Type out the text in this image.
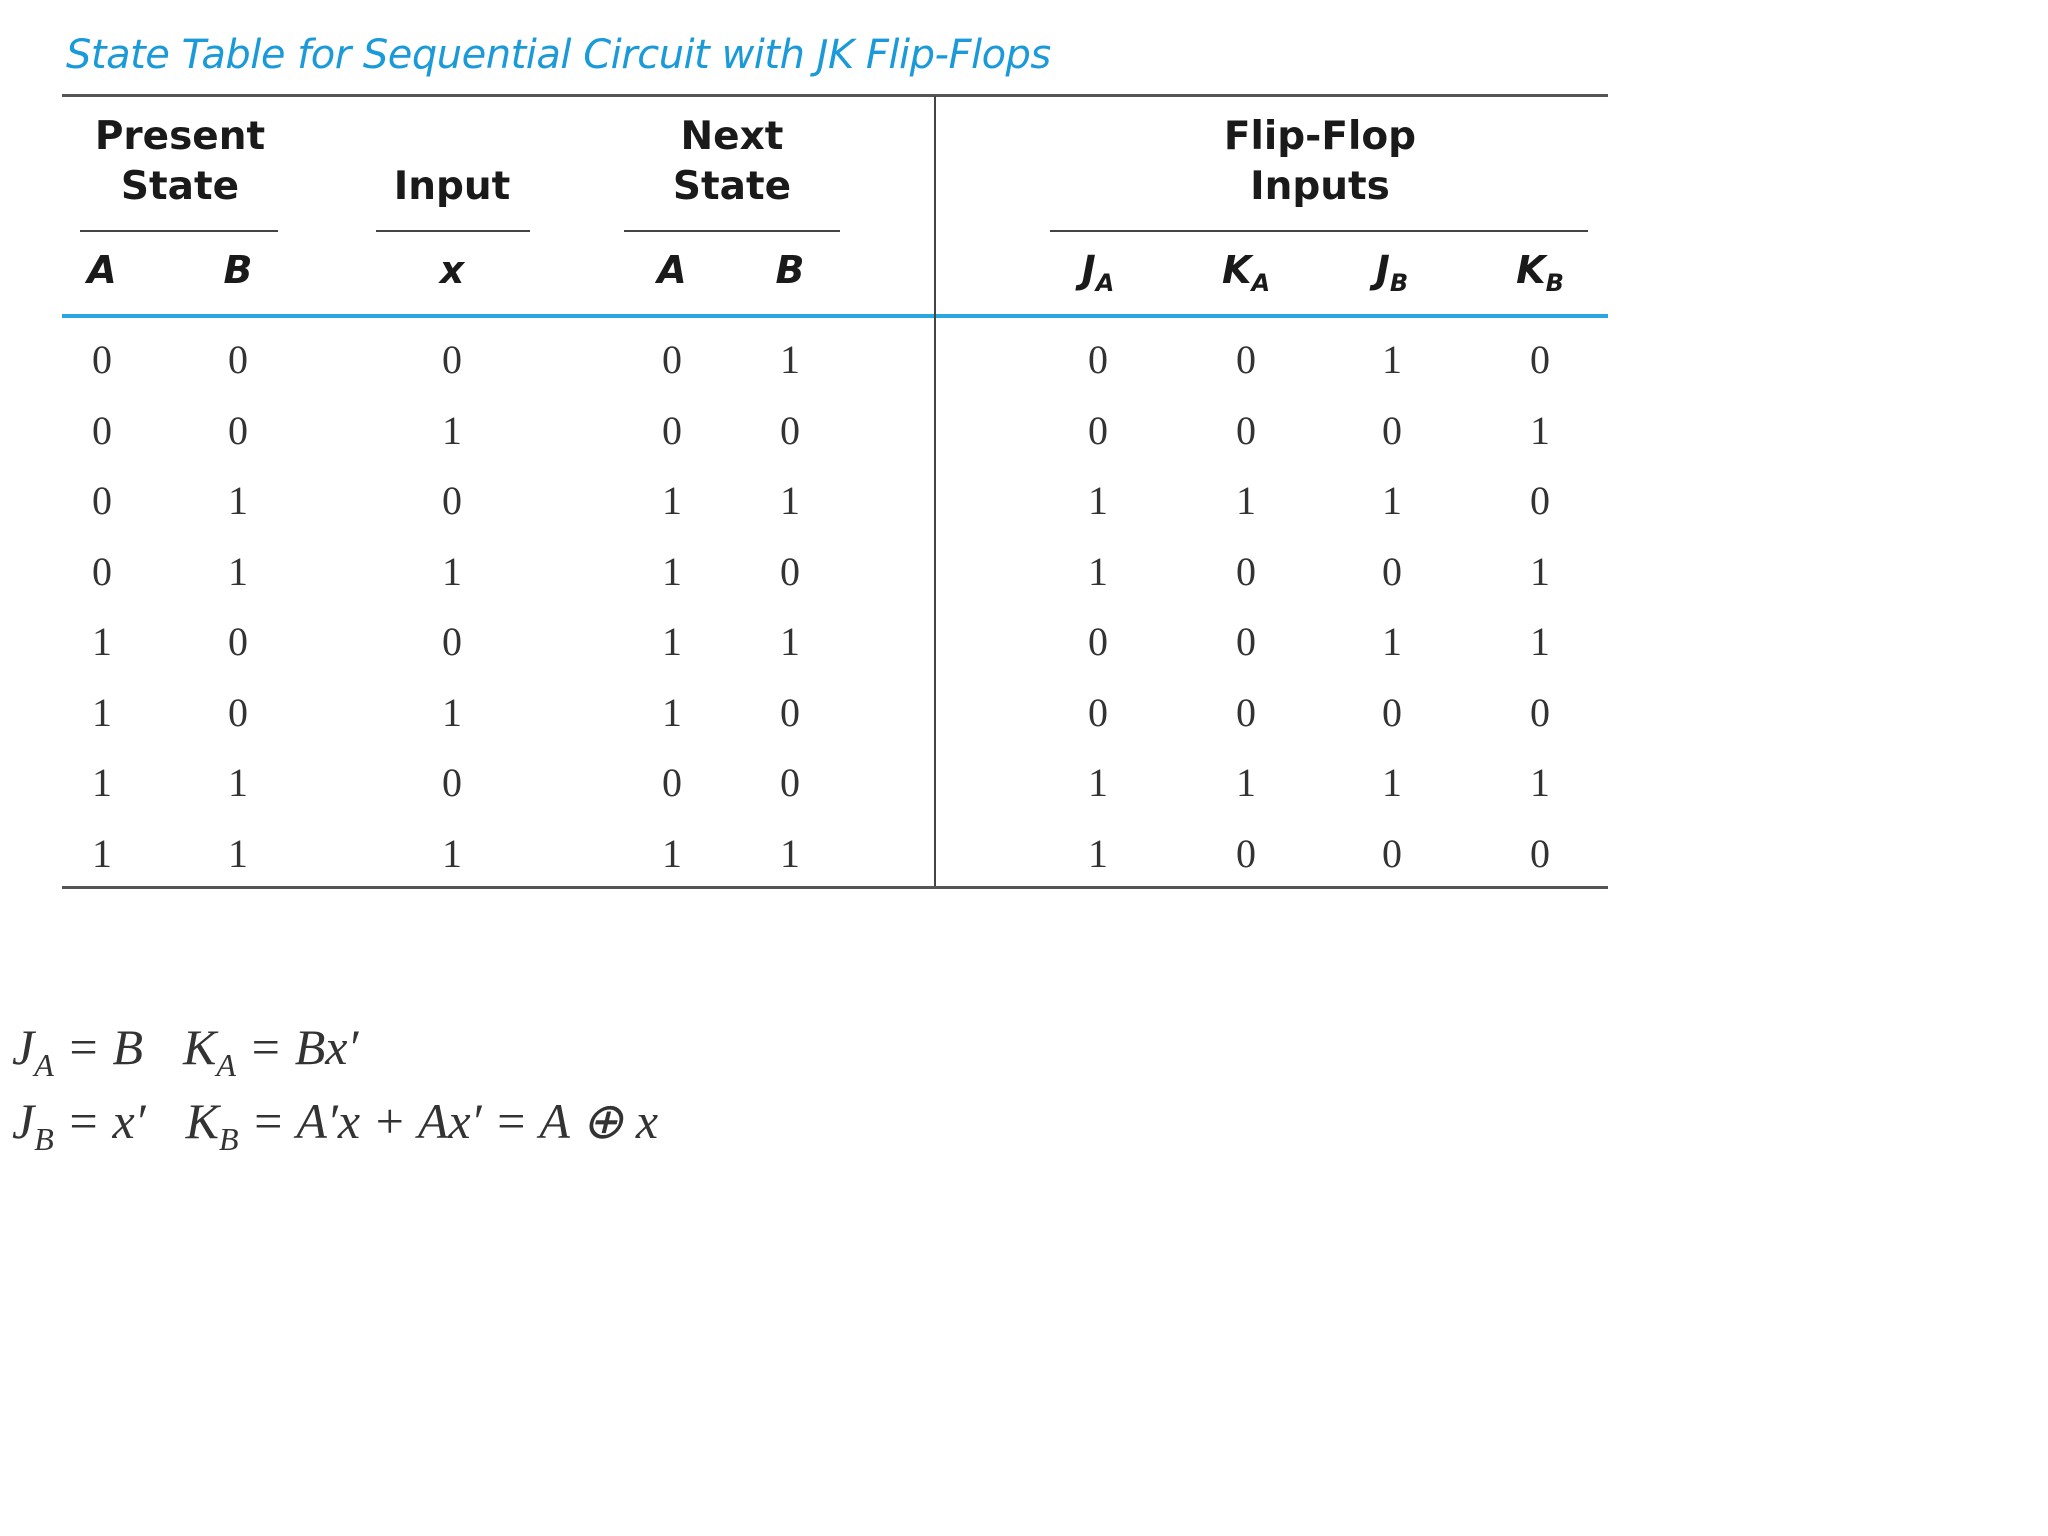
State Table for Sequential Circuit with JK Flip-Flops
Present
State	Input
Next
State
Flip-Flop
Inputs
A	B	x	A	B	$J_A$	$K_A$	$J_B$	$K_B$
0	0	0	0	1	0	0	1	0
0	0	1	0	0	0	0	0	1
0	1	0	1	1	1	1	1	0
0	1	1	1	0	1	0	0	1
1	0	0	1	1	0	0	1	1
1	0	1	1	0	0	0	0	0
1	1	0	0	0	1	1	1	1
1	1	1	1	1	1	0	0	0
$J_A = B$ $K_A = Bx'$
$J_B = x'$ $K_B = A'x + Ax' = A$ ⊕ x
